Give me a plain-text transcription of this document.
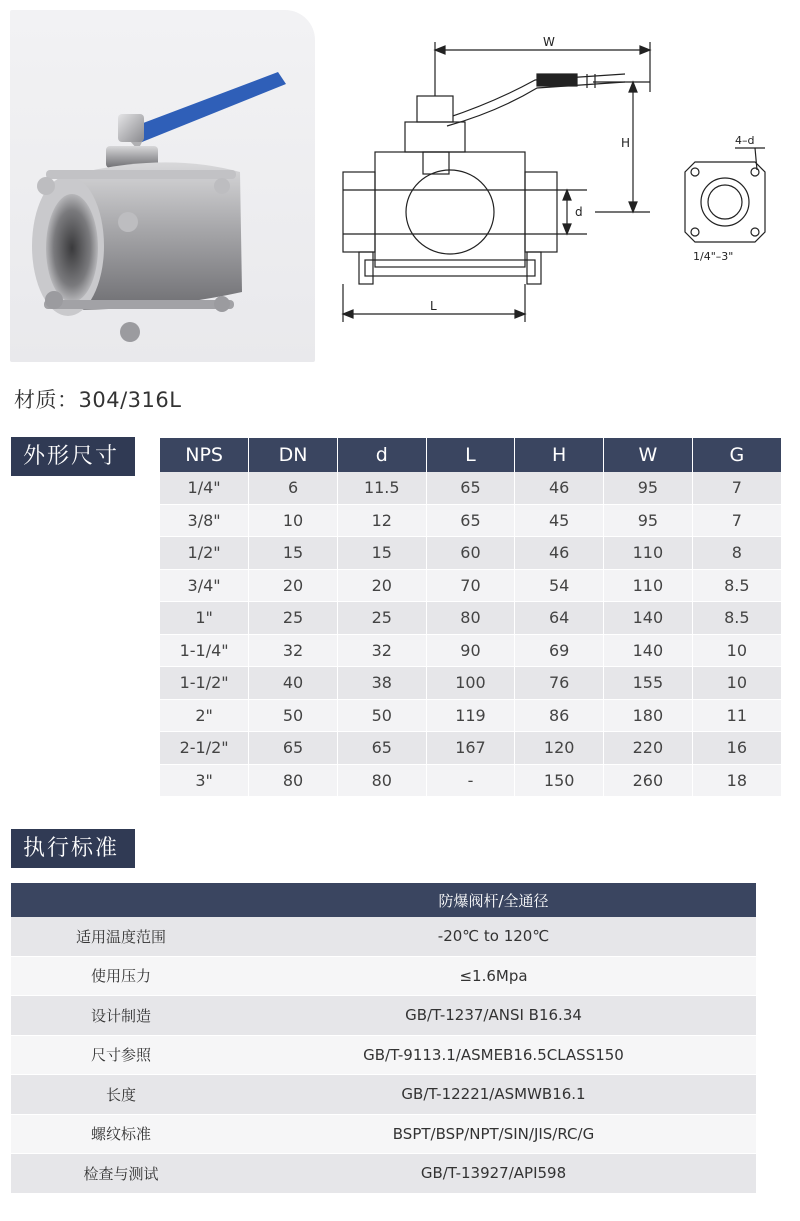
W
H
d
L
4–d
1/4"–3"
材质：304/316L
外形尺寸	NPS	DN	d	L	H	W	G
1/4"	6	11.5	65	46	95	7
3/8"	10	12	65	45	95	7
1/2"	15	15	60	46	110	8
3/4"	20	20	70	54	110	8.5
1"	25	25	80	64	140	8.5
1-1/4"	32	32	90	69	140	10
1-1/2"	40	38	100	76	155	10
2"	50	50	119	86	180	11
2-1/2"	65	65	167	120	220	16
3"	80	80	-	150	260	18
执行标准
	防爆阀杆/全通径
适用温度范围	-20℃ to 120℃
使用压力	≤1.6Mpa
设计制造	GB/T-1237/ANSI B16.34
尺寸参照	GB/T-9113.1/ASMEB16.5CLASS150
长度	GB/T-12221/ASMWB16.1
螺纹标准	BSPT/BSP/NPT/SIN/JIS/RC/G
检查与测试	GB/T-13927/API598
